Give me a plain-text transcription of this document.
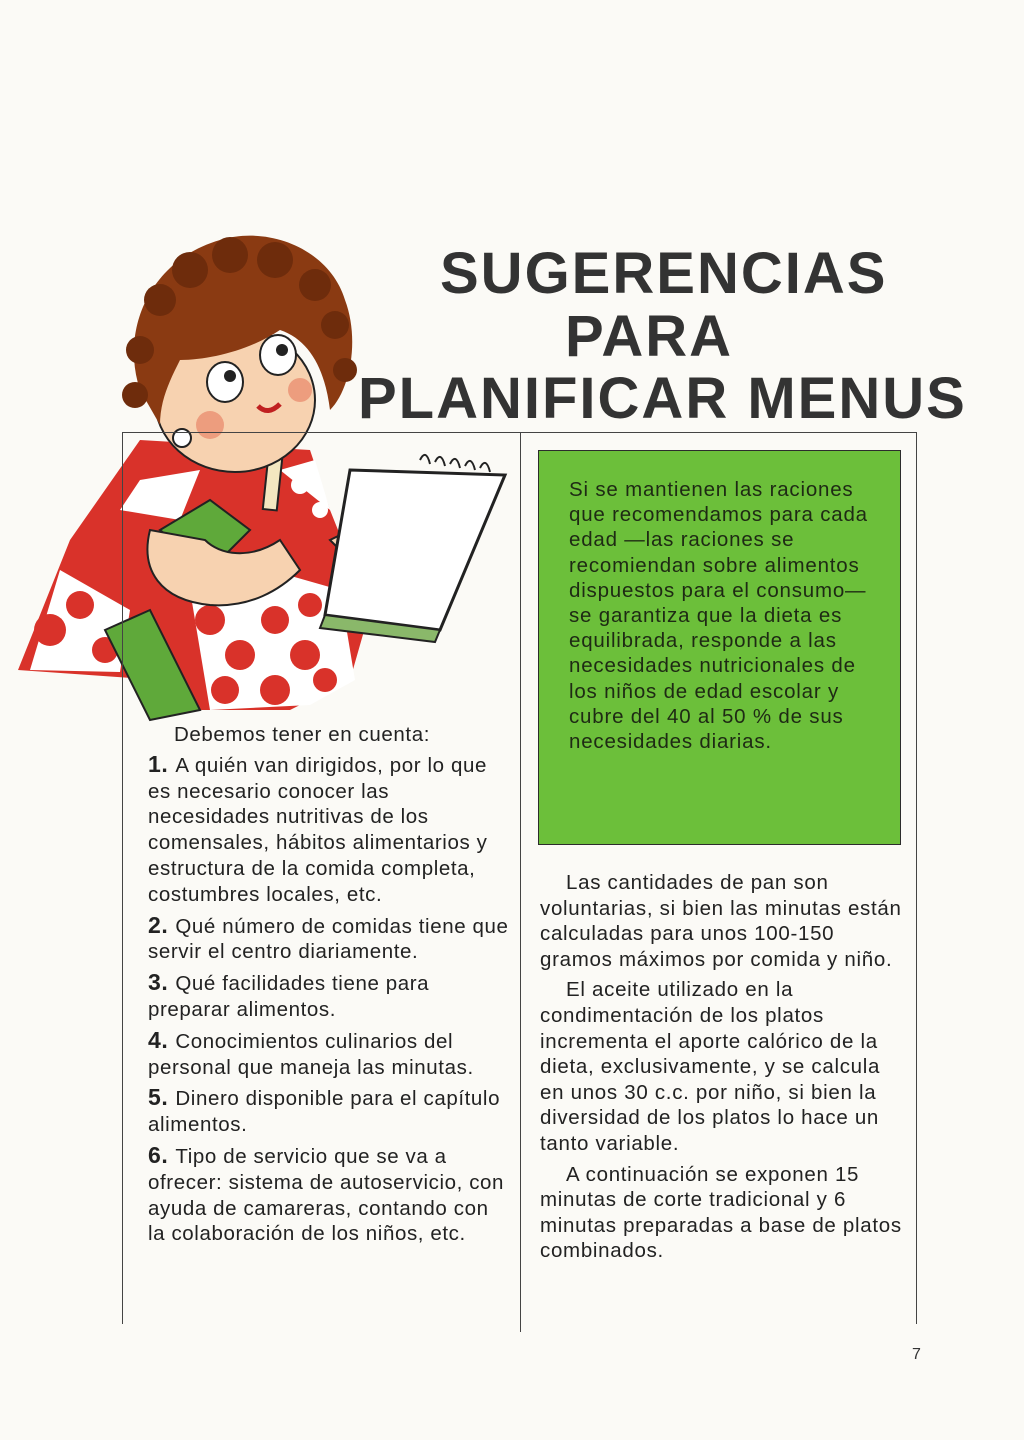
SUGERENCIAS
PARA
PLANIFICAR MENUS
Si se mantienen las raciones que recomendamos para cada edad —las raciones se recomiendan sobre alimentos dispuestos para el consumo— se garantiza que la dieta es equilibrada, responde a las necesidades nutricionales de los niños de edad escolar y cubre del 40 al 50 % de sus necesidades diarias.
Debemos tener en cuenta:
1. A quién van dirigidos, por lo que es necesario conocer las necesidades nutritivas de los comensales, hábitos alimentarios y estructura de la comida completa, costumbres locales, etc.
2. Qué número de comidas tiene que servir el centro diariamente.
3. Qué facilidades tiene para preparar alimentos.
4. Conocimientos culinarios del personal que maneja las minutas.
5. Dinero disponible para el capítulo alimentos.
6. Tipo de servicio que se va a ofrecer: sistema de autoservicio, con ayuda de camareras, contando con la colaboración de los niños, etc.

Las cantidades de pan son voluntarias, si bien las minutas están calculadas para unos 100-150 gramos máximos por comida y niño.

El aceite utilizado en la condimentación de los platos incrementa el aporte calórico de la dieta, exclusivamente, y se calcula en unos 30 c.c. por niño, si bien la diversidad de los platos lo hace un tanto variable.

A continuación se exponen 15 minutas de corte tradicional y 6 minutas preparadas a base de platos combinados.

7
